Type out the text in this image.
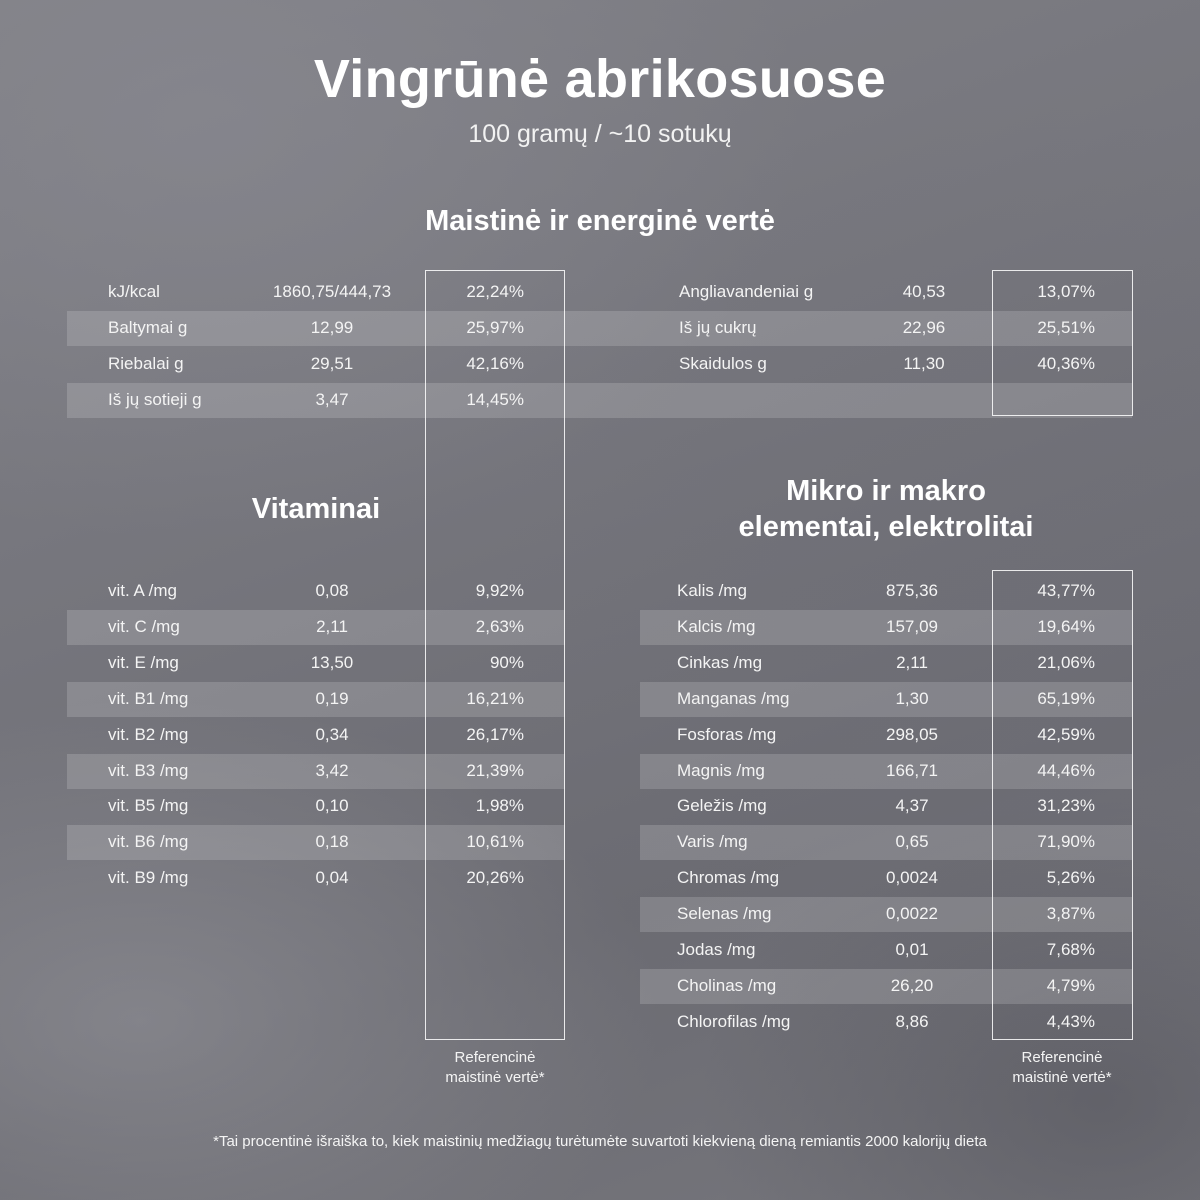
Vingrūnė abrikosuose
100 gramų / ~10 sotukų
Maistinė ir energinė vertė
Vitaminai
Mikro ir makro
elementai, elektrolitai
kJ/kcal	1860,75/444,73	22,24%
Baltymai g	12,99	25,97%
Riebalai g	29,51	42,16%
Iš jų sotieji g	3,47	14,45%
Angliavandeniai g	40,53	13,07%
Iš jų cukrų	22,96	25,51%
Skaidulos g	11,30	40,36%
vit. A /mg	0,08	9,92%
vit. C /mg	2,11	2,63%
vit. E /mg	13,50	90%
vit. B1 /mg	0,19	16,21%
vit. B2 /mg	0,34	26,17%
vit. B3 /mg	3,42	21,39%
vit. B5 /mg	0,10	1,98%
vit. B6 /mg	0,18	10,61%
vit. B9 /mg	0,04	20,26%
Kalis /mg	875,36	43,77%
Kalcis /mg	157,09	19,64%
Cinkas /mg	2,11	21,06%
Manganas /mg	1,30	65,19%
Fosforas /mg	298,05	42,59%
Magnis /mg	166,71	44,46%
Geležis /mg	4,37	31,23%
Varis /mg	0,65	71,90%
Chromas /mg	0,0024	5,26%
Selenas /mg	0,0022	3,87%
Jodas /mg	0,01	7,68%
Cholinas /mg	26,20	4,79%
Chlorofilas /mg	8,86	4,43%
Referencinė
maistinė vertė*
Referencinė
maistinė vertė*
*Tai procentinė išraiška to, kiek maistinių medžiagų turėtumėte suvartoti kiekvieną dieną remiantis 2000 kalorijų dieta
